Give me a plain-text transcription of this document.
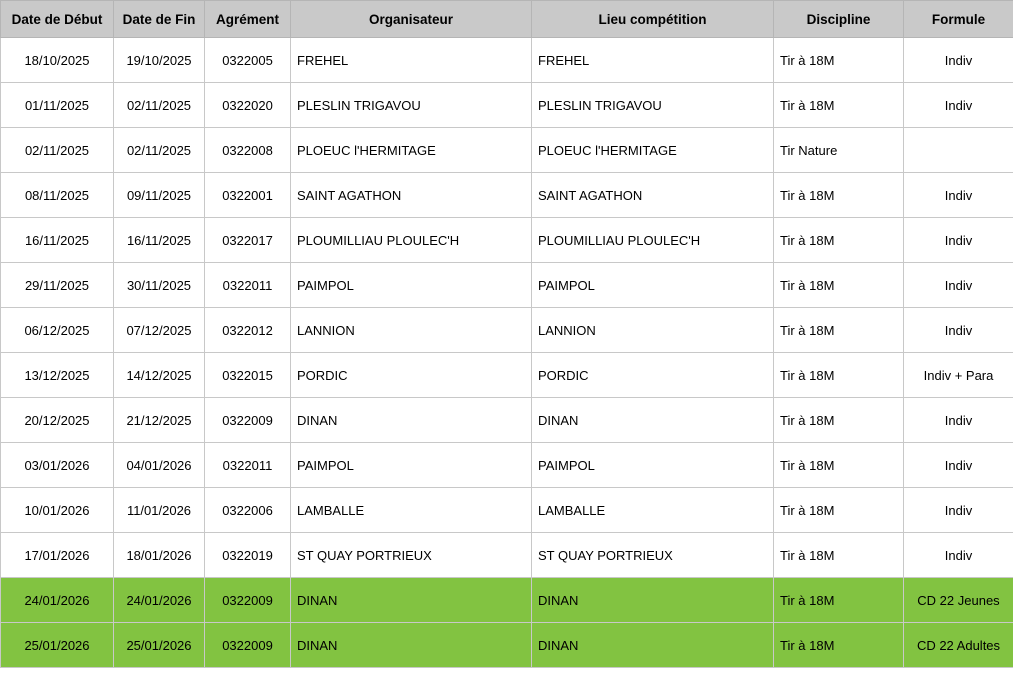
Date de Début	Date de Fin	Agrément	Organisateur	Lieu compétition	Discipline	Formule
18/10/2025	19/10/2025	0322005	FREHEL	FREHEL	Tir à 18M	Indiv
01/11/2025	02/11/2025	0322020	PLESLIN TRIGAVOU	PLESLIN TRIGAVOU	Tir à 18M	Indiv
02/11/2025	02/11/2025	0322008	PLOEUC l'HERMITAGE	PLOEUC l'HERMITAGE	Tir Nature	
08/11/2025	09/11/2025	0322001	SAINT AGATHON	SAINT AGATHON	Tir à 18M	Indiv
16/11/2025	16/11/2025	0322017	PLOUMILLIAU PLOULEC'H	PLOUMILLIAU PLOULEC'H	Tir à 18M	Indiv
29/11/2025	30/11/2025	0322011	PAIMPOL	PAIMPOL	Tir à 18M	Indiv
06/12/2025	07/12/2025	0322012	LANNION	LANNION	Tir à 18M	Indiv
13/12/2025	14/12/2025	0322015	PORDIC	PORDIC	Tir à 18M	Indiv + Para
20/12/2025	21/12/2025	0322009	DINAN	DINAN	Tir à 18M	Indiv
03/01/2026	04/01/2026	0322011	PAIMPOL	PAIMPOL	Tir à 18M	Indiv
10/01/2026	11/01/2026	0322006	LAMBALLE	LAMBALLE	Tir à 18M	Indiv
17/01/2026	18/01/2026	0322019	ST QUAY PORTRIEUX	ST QUAY PORTRIEUX	Tir à 18M	Indiv
24/01/2026	24/01/2026	0322009	DINAN	DINAN	Tir à 18M	CD 22 Jeunes
25/01/2026	25/01/2026	0322009	DINAN	DINAN	Tir à 18M	CD 22 Adultes
